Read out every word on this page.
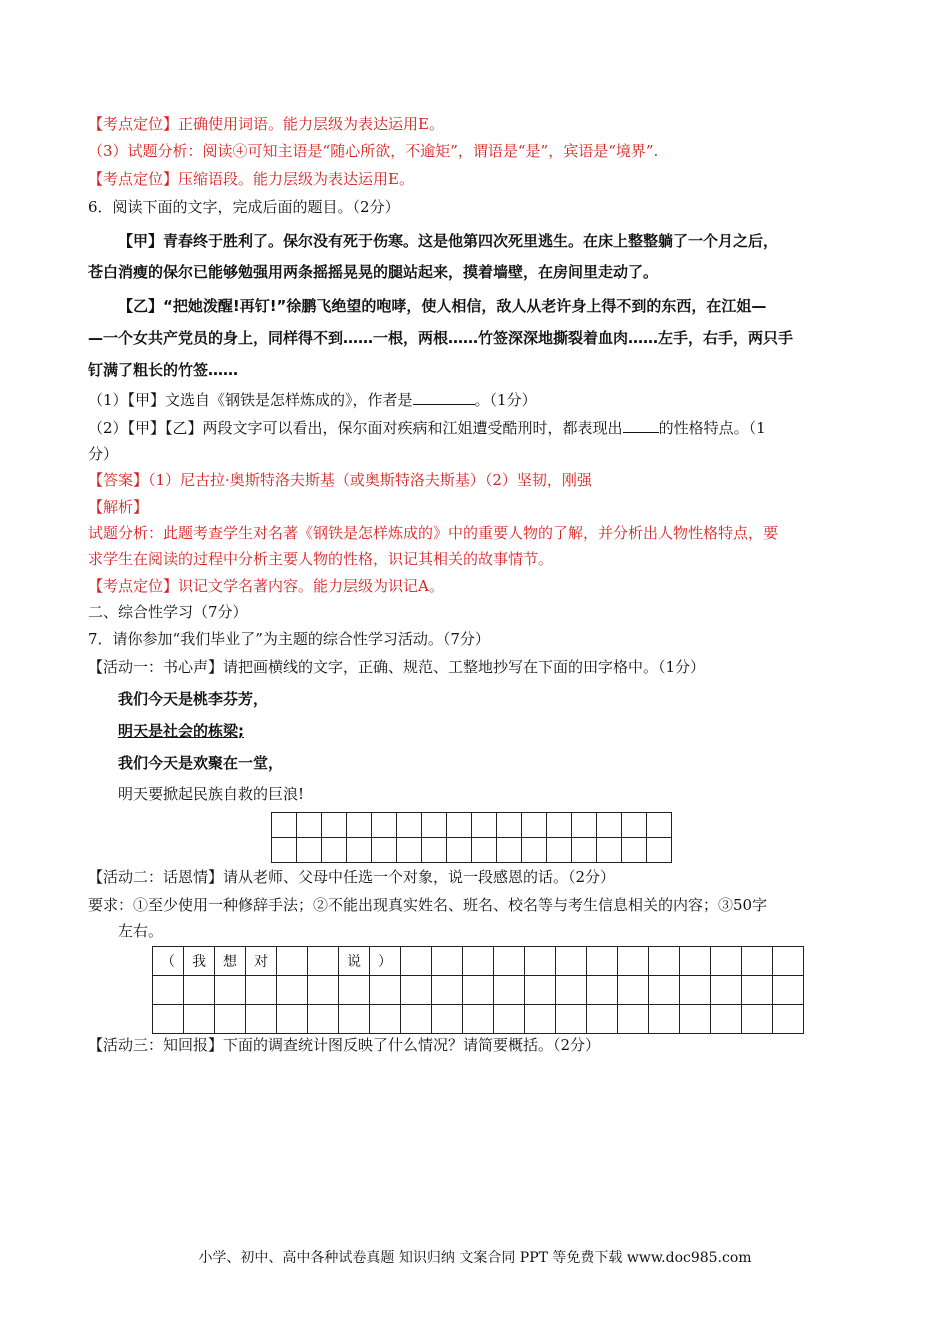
【考点定位】正确使用词语。能力层级为表达运用E。
（3）试题分析：阅读④可知主语是“随心所欲，不逾矩”，谓语是“是”，宾语是“境界”.
【考点定位】压缩语段。能力层级为表达运用E。
6．阅读下面的文字，完成后面的题目。（2分）
【甲】青春终于胜利了。保尔没有死于伤寒。这是他第四次死里逃生。在床上整整躺了一个月之后，
苍白消瘦的保尔已能够勉强用两条摇摇晃晃的腿站起来，摸着墙壁，在房间里走动了。
【乙】“把她泼醒!再钉!”徐鹏飞绝望的咆哮，使人相信，敌人从老许身上得不到的东西，在江姐—
—一个女共产党员的身上，同样得不到……一根，两根……竹签深深地撕裂着血肉……左手，右手，两只手
钉满了粗长的竹签……
（1）【甲】文选自《钢铁是怎样炼成的》，作者是	。（1分）
（2）【甲】【乙】两段文字可以看出，保尔面对疾病和江姐遭受酷刑时，都表现出 的性格特点。（1
分）
【答案】（1）尼古拉·奥斯特洛夫斯基（或奥斯特洛夫斯基）（2）坚韧，刚强
【解析】
试题分析：此题考查学生对名著《钢铁是怎样炼成的》中的重要人物的了解，并分析出人物性格特点，要
求学生在阅读的过程中分析主要人物的性格，识记其相关的故事情节。
【考点定位】识记文学名著内容。能力层级为识记A。
二、综合性学习（7分）
7．请你参加“我们毕业了”为主题的综合性学习活动。（7分）
【活动一：书心声】请把画横线的文字，正确、规范、工整地抄写在下面的田字格中。（1分）
我们今天是桃李芬芳，
明天是社会的栋梁;
我们今天是欢聚在一堂，
明天要掀起民族自救的巨浪!

【活动二：话恩情】请从老师、父母中任选一个对象，说一段感恩的话。（2分）
要求：①至少使用一种修辞手法；②不能出现真实姓名、班名、校名等与考生信息相关的内容；③50字
左右。
（	我	想	对			说	）													

【活动三：知回报】下面的调查统计图反映了什么情况？请简要概括。（2分）
小学、初中、高中各种试卷真题 知识归纳 文案合同 PPT 等免费下载 www.doc985.com
